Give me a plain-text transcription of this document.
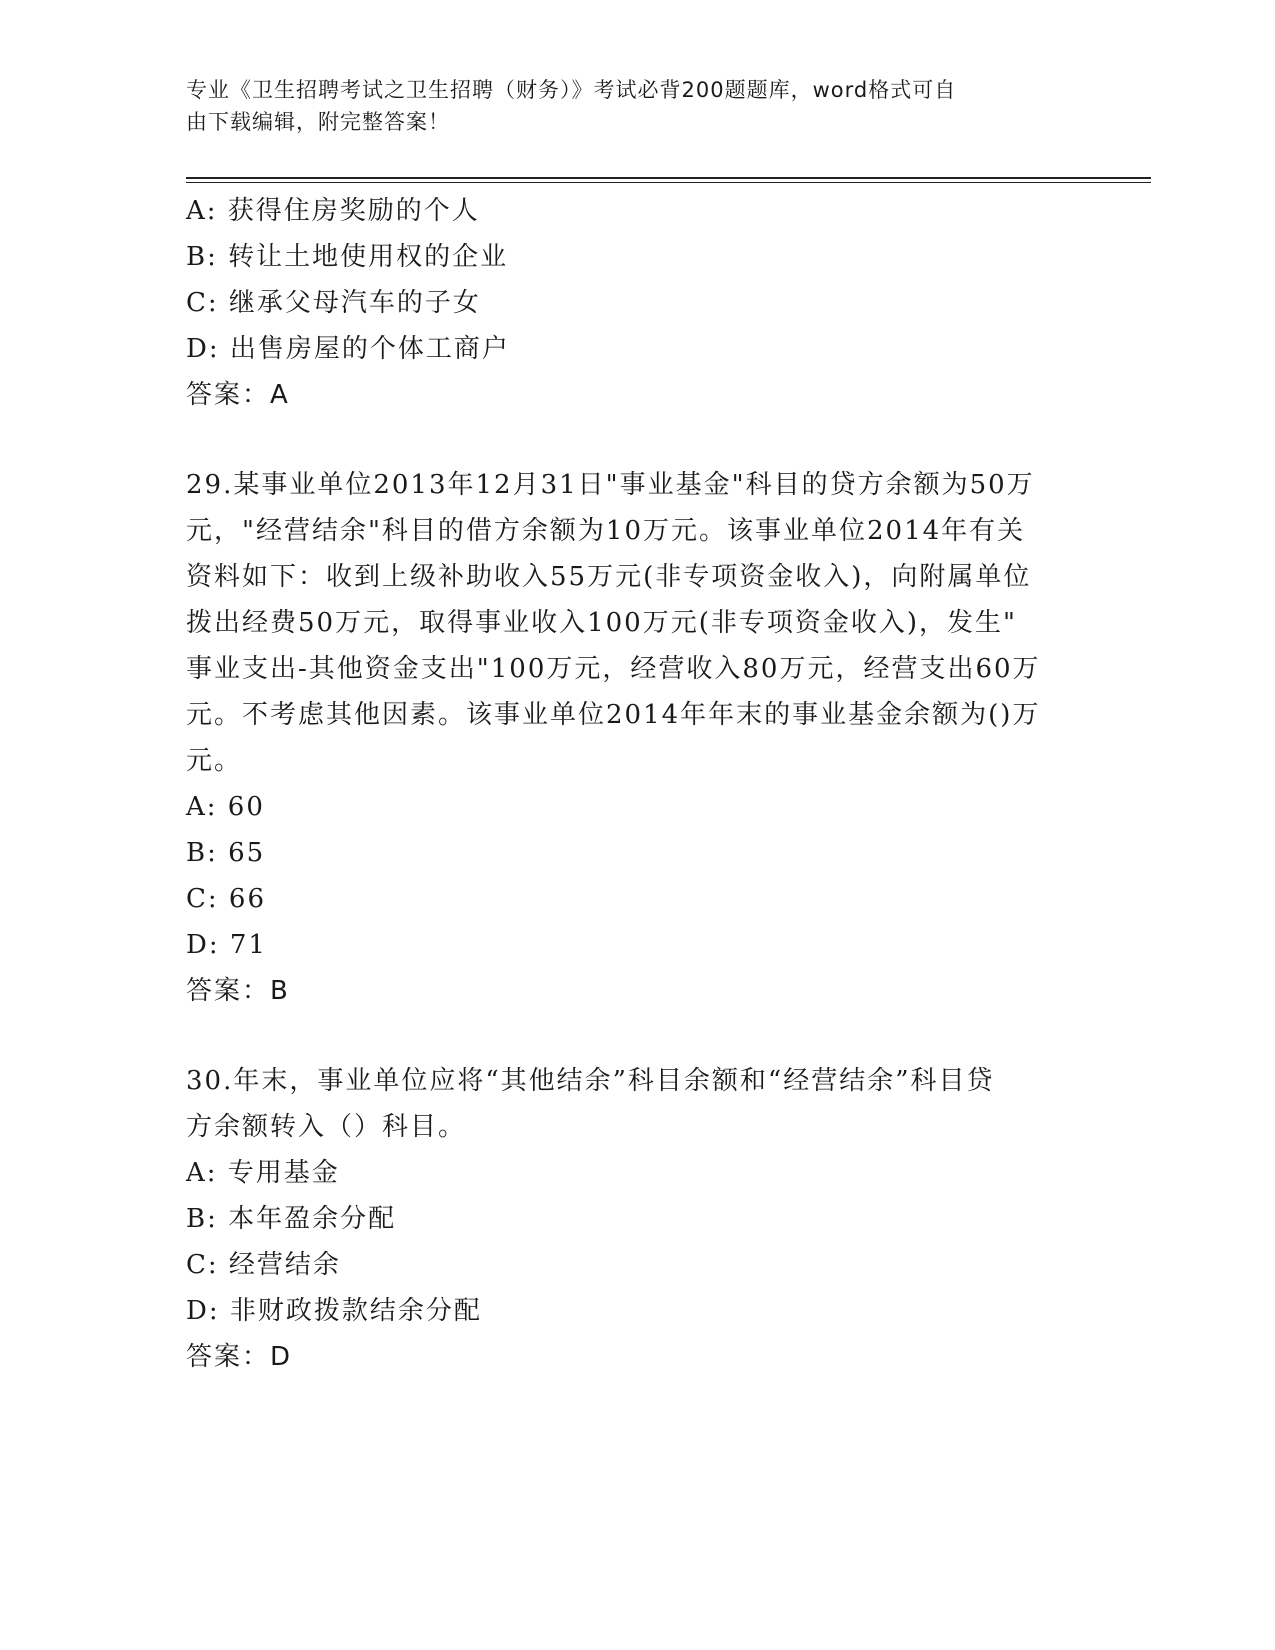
专业《卫生招聘考试之卫生招聘（财务）》考试必背200题题库，word格式可自
由下载编辑，附完整答案！
A: 获得住房奖励的个人
B: 转让土地使用权的企业
C: 继承父母汽车的子女
D: 出售房屋的个体工商户
答案：A
29.某事业单位2013年12月31日"事业基金"科目的贷方余额为50万
元，"经营结余"科目的借方余额为10万元。该事业单位2014年有关
资料如下：收到上级补助收入55万元(非专项资金收入)，向附属单位
拨出经费50万元，取得事业收入100万元(非专项资金收入)，发生"
事业支出-其他资金支出"100万元，经营收入80万元，经营支出60万
元。不考虑其他因素。该事业单位2014年年末的事业基金余额为()万
元。
A: 60
B: 65
C: 66
D: 71
答案：B
30.年末，事业单位应将“其他结余”科目余额和“经营结余”科目贷
方余额转入（）科目。
A: 专用基金
B: 本年盈余分配
C: 经营结余
D: 非财政拨款结余分配
答案：D
